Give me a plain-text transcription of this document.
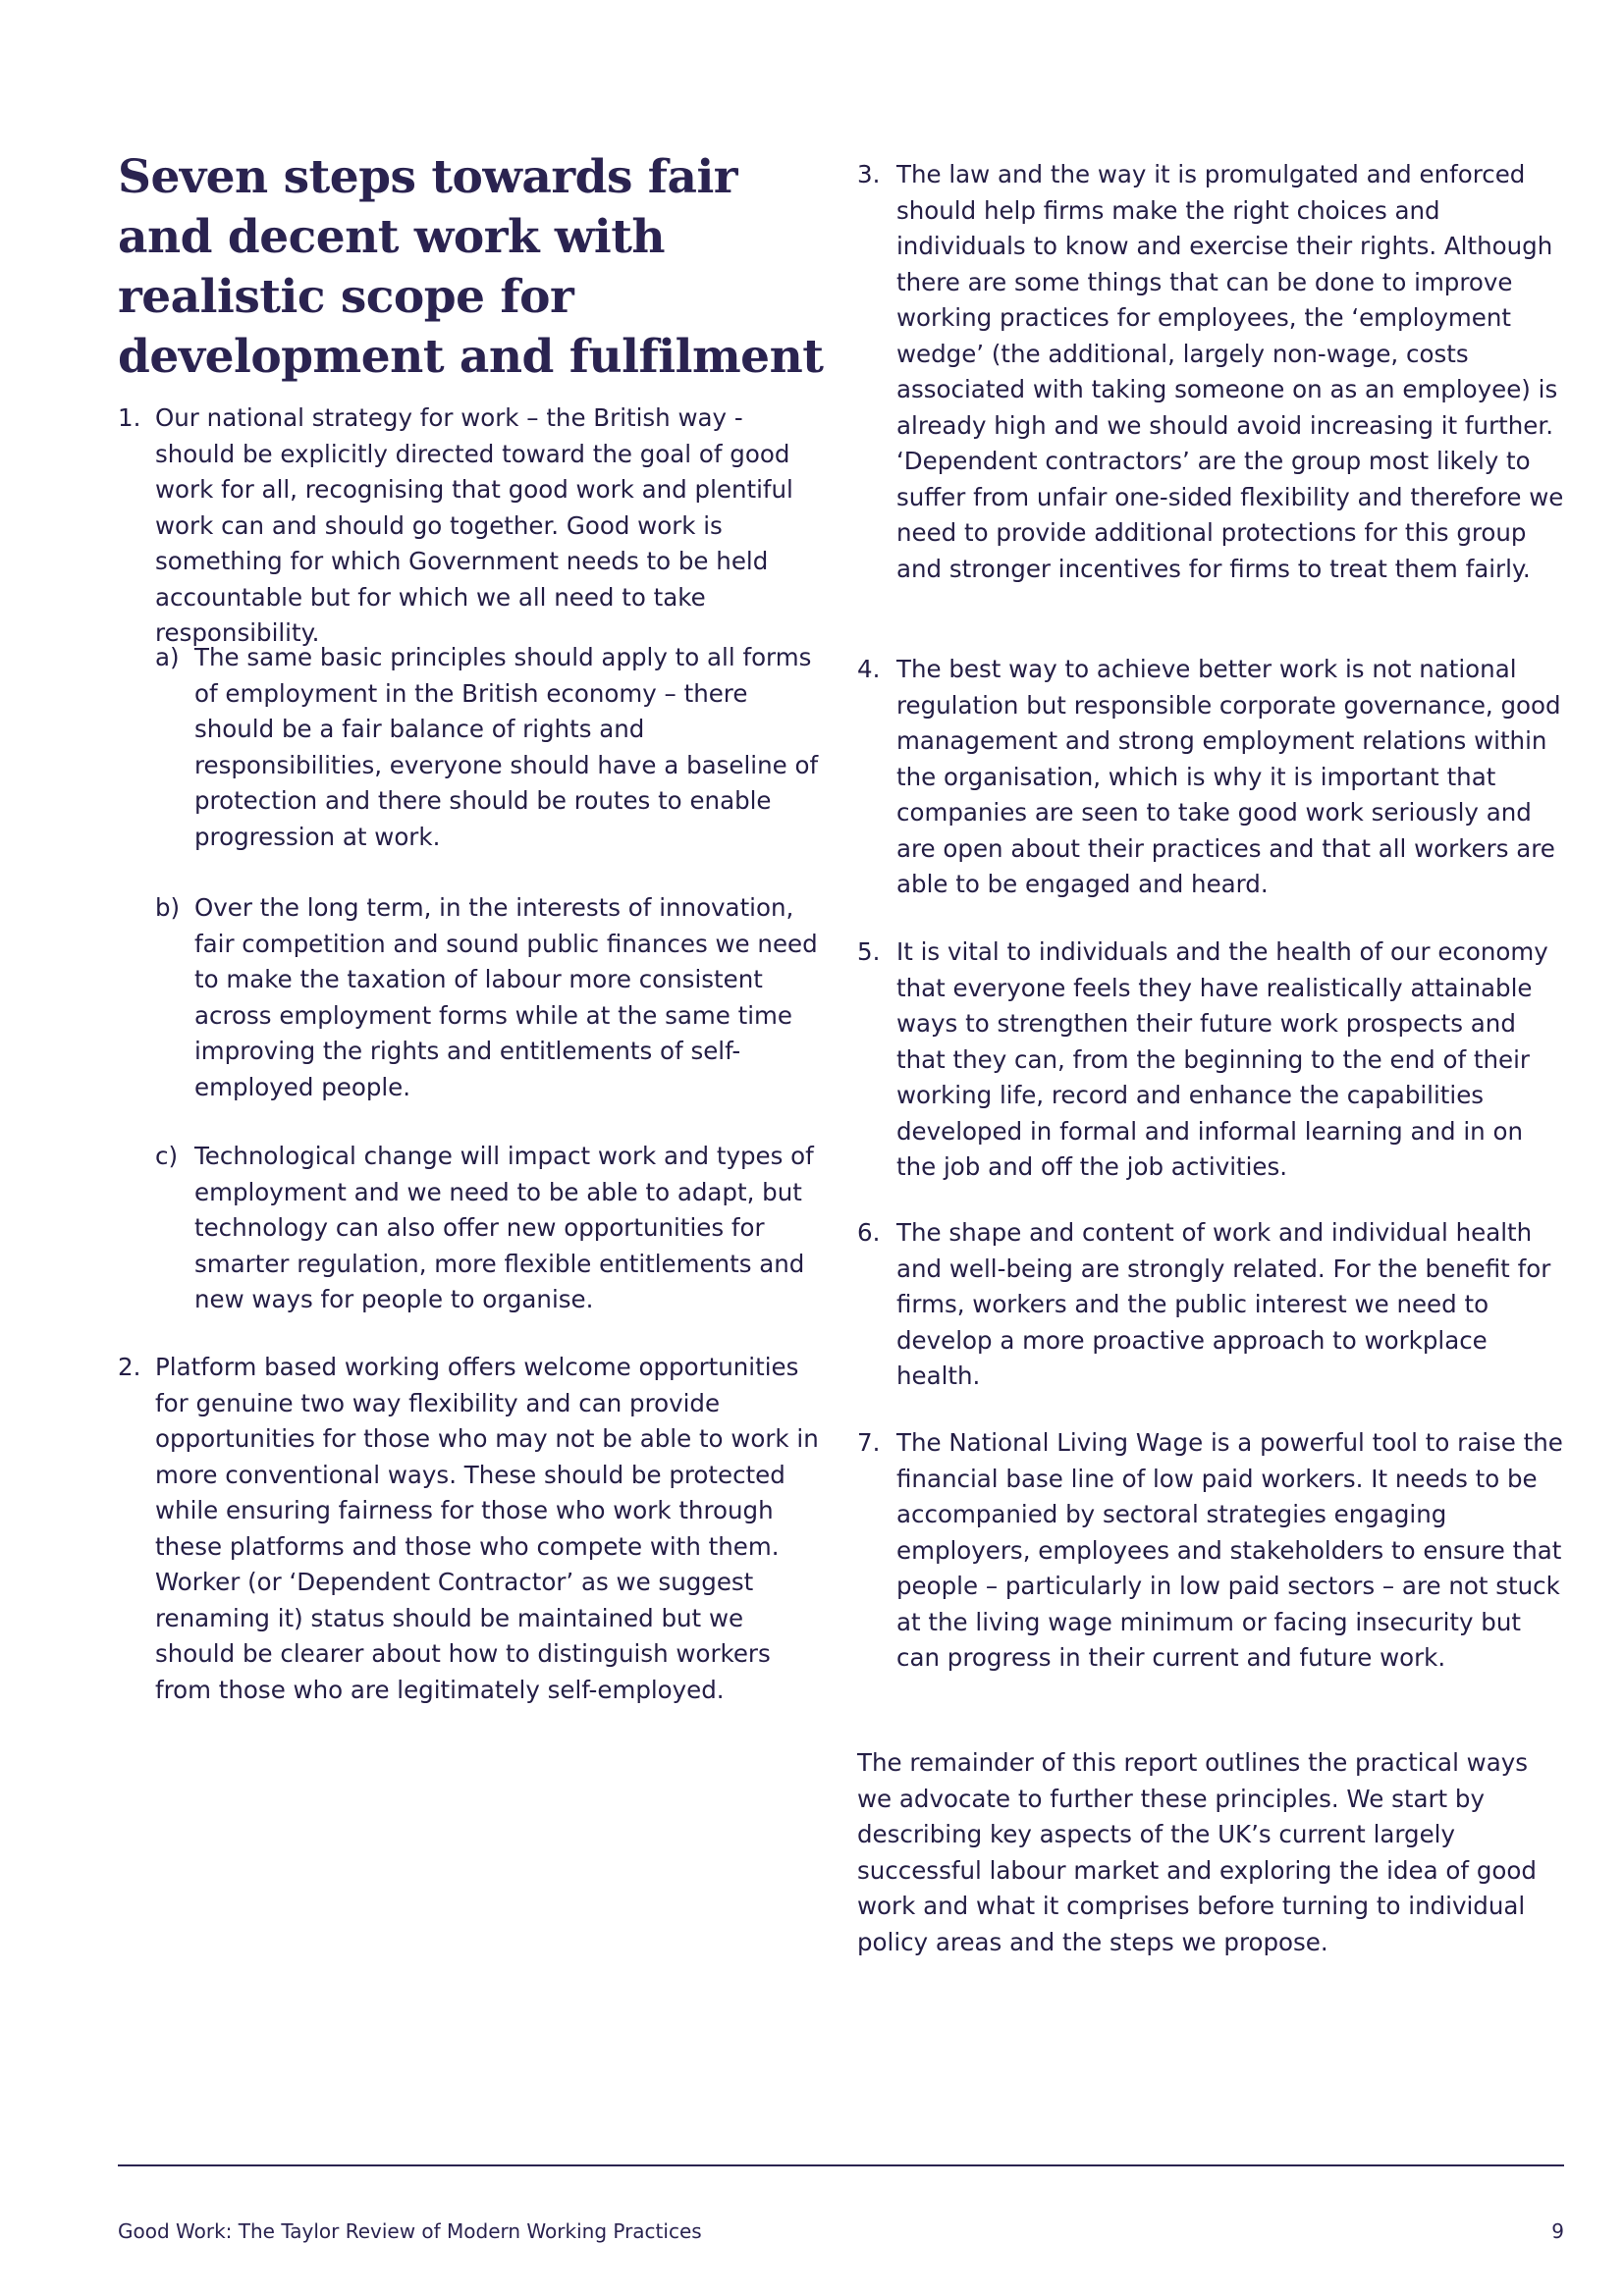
Seven steps towards fair and decent work with realistic scope for development and fulfilment
1. Our national strategy for work – the British way - should be explicitly directed toward the goal of good work for all, recognising that good work and plentiful work can and should go together. Good work is something for which Government needs to be held accountable but for which we all need to take responsibility.
a) The same basic principles should apply to all forms of employment in the British economy – there should be a fair balance of rights and responsibilities, everyone should have a baseline of protection and there should be routes to enable progression at work.
b) Over the long term, in the interests of innovation, fair competition and sound public finances we need to make the taxation of labour more consistent across employment forms while at the same time improving the rights and entitlements of self-employed people.
c) Technological change will impact work and types of employment and we need to be able to adapt, but technology can also offer new opportunities for smarter regulation, more flexible entitlements and new ways for people to organise.
2. Platform based working offers welcome opportunities for genuine two way flexibility and can provide opportunities for those who may not be able to work in more conventional ways. These should be protected while ensuring fairness for those who work through these platforms and those who compete with them. Worker (or ‘Dependent Contractor’ as we suggest renaming it) status should be maintained but we should be clearer about how to distinguish workers from those who are legitimately self-employed.
3. The law and the way it is promulgated and enforced should help firms make the right choices and individuals to know and exercise their rights. Although there are some things that can be done to improve working practices for employees, the ‘employment wedge’ (the additional, largely non-wage, costs associated with taking someone on as an employee) is already high and we should avoid increasing it further. ‘Dependent contractors’ are the group most likely to suffer from unfair one-sided flexibility and therefore we need to provide additional protections for this group and stronger incentives for firms to treat them fairly.
4. The best way to achieve better work is not national regulation but responsible corporate governance, good management and strong employment relations within the organisation, which is why it is important that companies are seen to take good work seriously and are open about their practices and that all workers are able to be engaged and heard.
5. It is vital to individuals and the health of our economy that everyone feels they have realistically attainable ways to strengthen their future work prospects and that they can, from the beginning to the end of their working life, record and enhance the capabilities developed in formal and informal learning and in on the job and off the job activities.
6. The shape and content of work and individual health and well-being are strongly related. For the benefit for firms, workers and the public interest we need to develop a more proactive approach to workplace health.
7. The National Living Wage is a powerful tool to raise the financial base line of low paid workers. It needs to be accompanied by sectoral strategies engaging employers, employees and stakeholders to ensure that people – particularly in low paid sectors – are not stuck at the living wage minimum or facing insecurity but can progress in their current and future work.

The remainder of this report outlines the practical ways we advocate to further these principles. We start by describing key aspects of the UK’s current largely successful labour market and exploring the idea of good work and what it comprises before turning to individual policy areas and the steps we propose.

Good Work: The Taylor Review of Modern Working Practices	9
